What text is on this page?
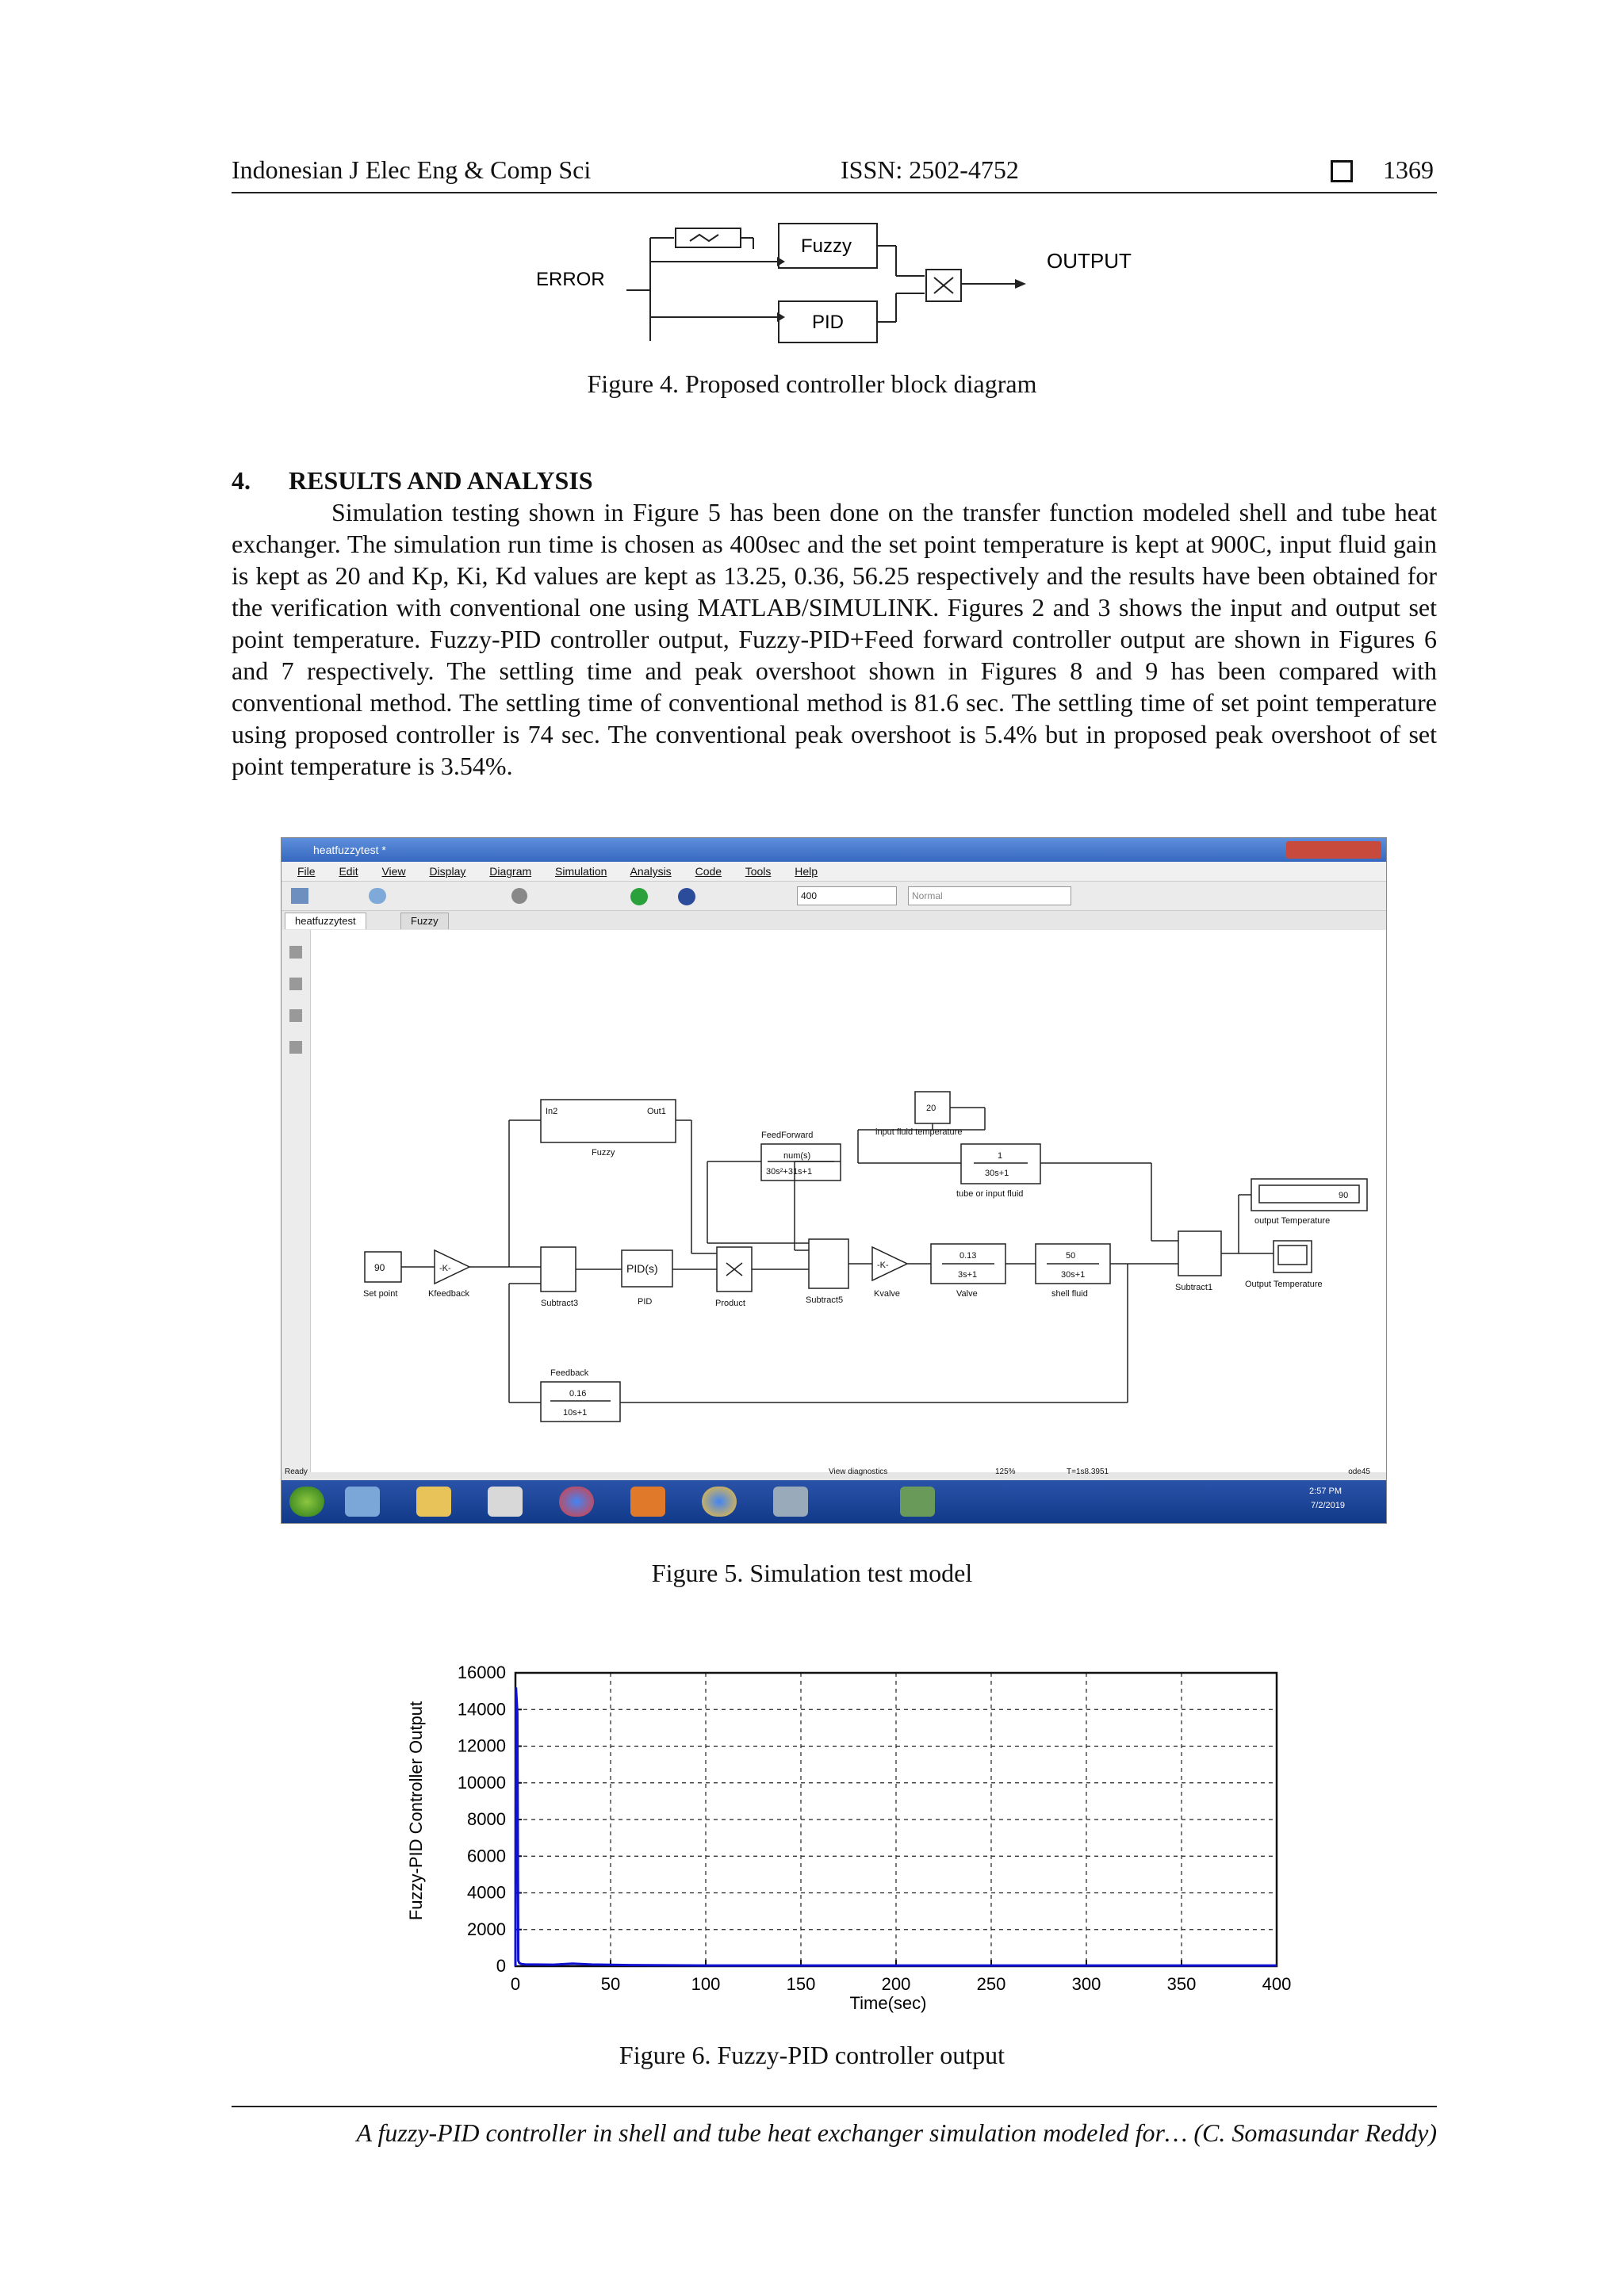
Indonesian J Elec Eng & Comp Sci	ISSN: 2502-4752	1369
ERROR
Fuzzy
PID
OUTPUT
Figure 4. Proposed controller block diagram
4. RESULTS AND ANALYSIS
Simulation testing shown in Figure 5 has been done on the transfer function modeled shell and tube heat exchanger. The simulation run time is chosen as 400sec and the set point temperature is kept at 900C, input fluid gain is kept as 20 and Kp, Ki, Kd values are kept as 13.25, 0.36, 56.25 respectively and the results have been obtained for the verification with conventional one using MATLAB/SIMULINK. Figures 2 and 3 shows the input and output set point temperature. Fuzzy-PID controller output, Fuzzy-PID+Feed forward controller output are shown in Figures 6 and 7 respectively. The settling time and peak overshoot shown in Figures 8 and 9 has been compared with conventional method. The settling time of conventional method is 81.6 sec. The settling time of set point temperature using proposed controller is 74 sec. The conventional peak overshoot is 5.4% but in proposed peak overshoot of set point temperature is 3.54%.
heatfuzzytest *
File Edit View Display Diagram Simulation Analysis Code Tools Help
400	Normal
heatfuzzytest	Fuzzy
In2	Out1
Fuzzy
90
Set point
-K-
Kfeedback
Subtract3
PID(s)
PID	Product
FeedForward
num(s)
30s²+31s+1
20
input fluid temperature
1
30s+1
tube or input fluid
Subtract5
-K-
Kvalve
0.13
3s+1
Valve
50
30s+1
shell fluid
Subtract1
90
output Temperature
Output Temperature
Feedback
0.16
10s+1
Ready	View diagnostics	125%	T=1s8.3951	ode45
2:57 PM
7/2/2019
Figure 5. Simulation test model
0	50	100	150	200	250	300	350	400
0
2000
4000
6000
8000
10000
12000
14000
16000
Fuzzy-PID Controller Output
Time(sec)
Figure 6. Fuzzy-PID controller output
A fuzzy-PID controller in shell and tube heat exchanger simulation modeled for… (C. Somasundar Reddy)
